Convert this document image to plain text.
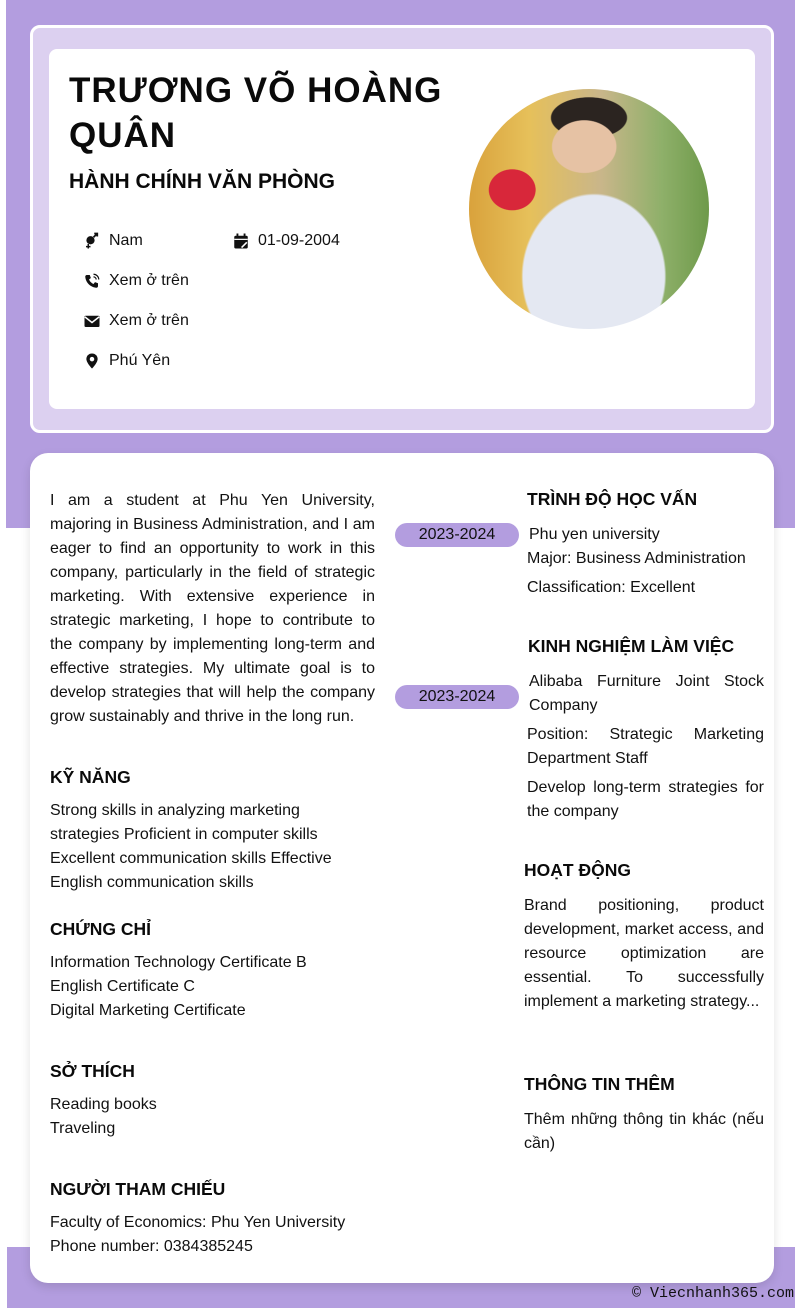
TRƯƠNG VÕ HOÀNG QUÂN
HÀNH CHÍNH VĂN PHÒNG
Nam	01-09-2004
Xem ở trên
Xem ở trên
Phú Yên
I am a student at Phu Yen University, majoring in Business Administration, and I am eager to find an opportunity to work in this company, particularly in the field of strategic marketing. With extensive experience in strategic marketing, I hope to contribute to the company by implementing long-term and effective strategies. My ultimate goal is to develop strategies that will help the company grow sustainably and thrive in the long run.
KỸ NĂNG
Strong skills in analyzing marketing strategies Proficient in computer skills Excellent communication skills Effective English communication skills
CHỨNG CHỈ
Information Technology Certificate B
English Certificate C
Digital Marketing Certificate
SỞ THÍCH
Reading books
Traveling
NGƯỜI THAM CHIẾU
Faculty of Economics: Phu Yen University
Phone number: 0384385245
TRÌNH ĐỘ HỌC VẤN
2023-2024	Phu yen university
Major: Business Administration
Classification: Excellent
KINH NGHIỆM LÀM VIỆC
2023-2024
Alibaba Furniture Joint Stock Company
Position: Strategic Marketing Department Staff
Develop long-term strategies for the company
HOẠT ĐỘNG
Brand positioning, product development, market access, and resource optimization are essential. To successfully implement a marketing strategy...
THÔNG TIN THÊM
Thêm những thông tin khác (nếu cần)
© Viecnhanh365.com
